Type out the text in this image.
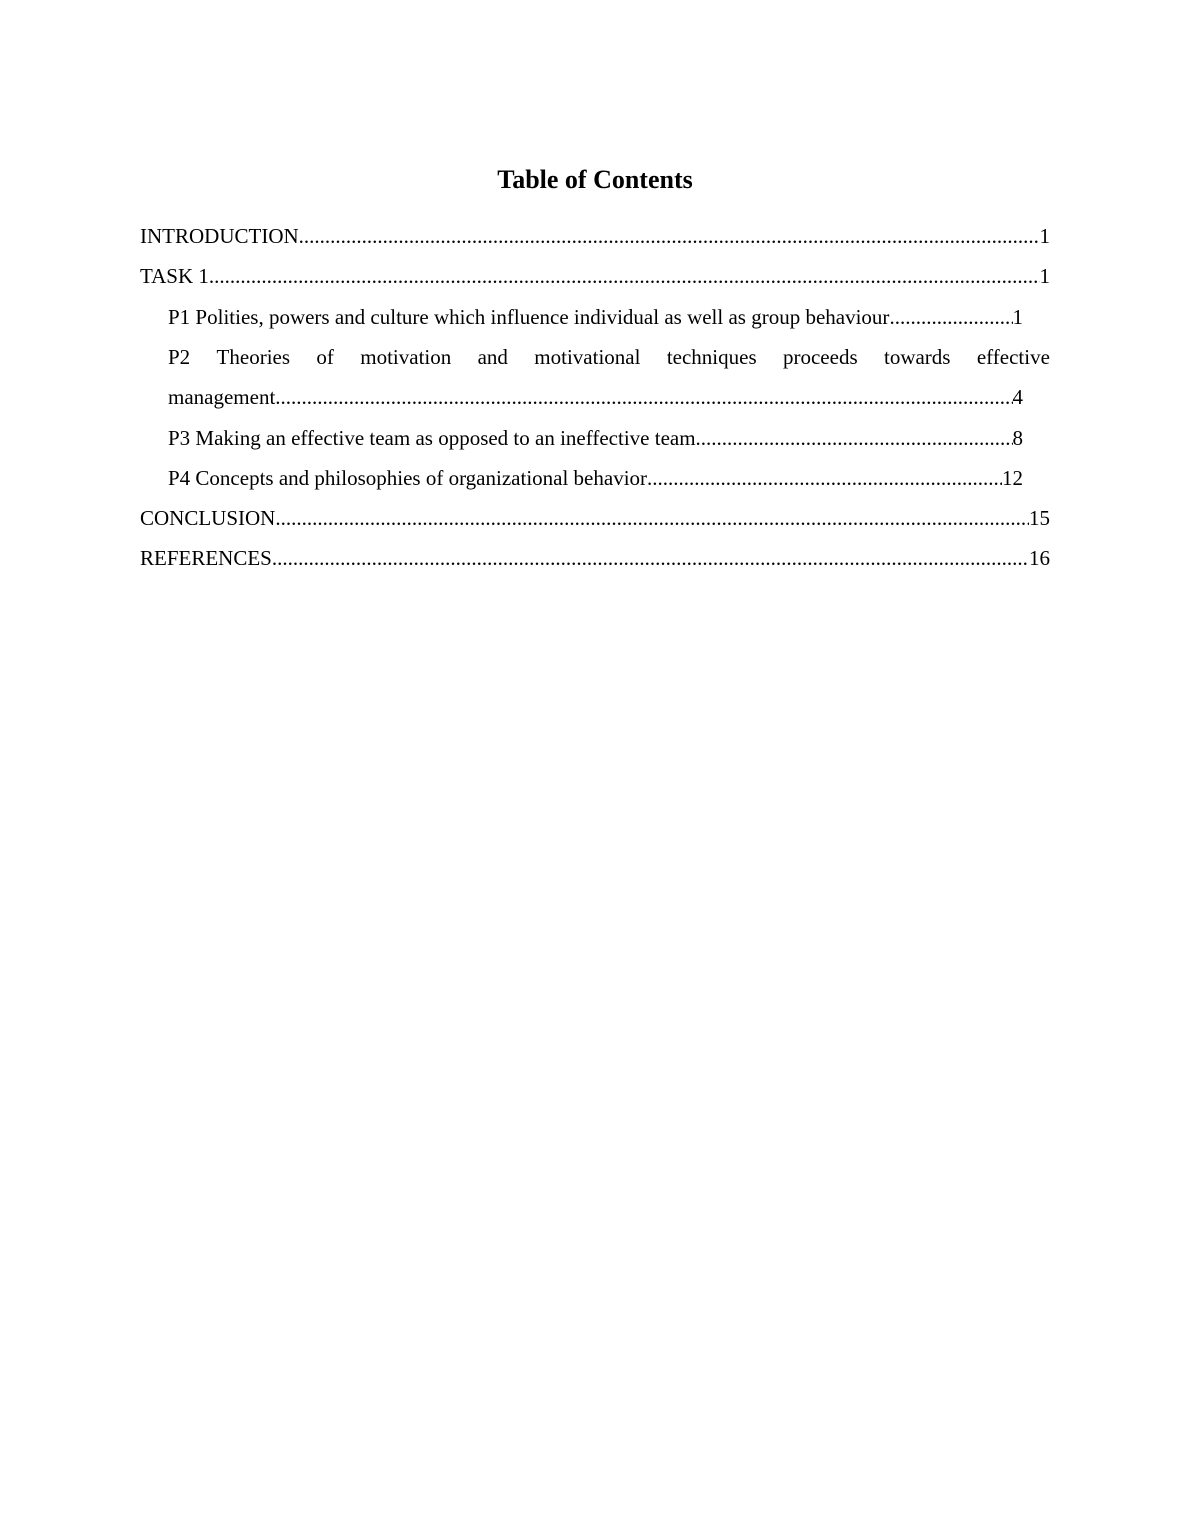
Table of Contents
INTRODUCTION .....	1
TASK 1 .....	1
P1 Polities, powers and culture which influence individual as well as group behaviour .....	1
P2 Theories of motivation and motivational techniques proceeds towards effective
management .....	4
P3 Making an effective team as opposed to an ineffective team .....	8
P4 Concepts and philosophies of organizational behavior .....	12
CONCLUSION .....	15
REFERENCES .....	16
